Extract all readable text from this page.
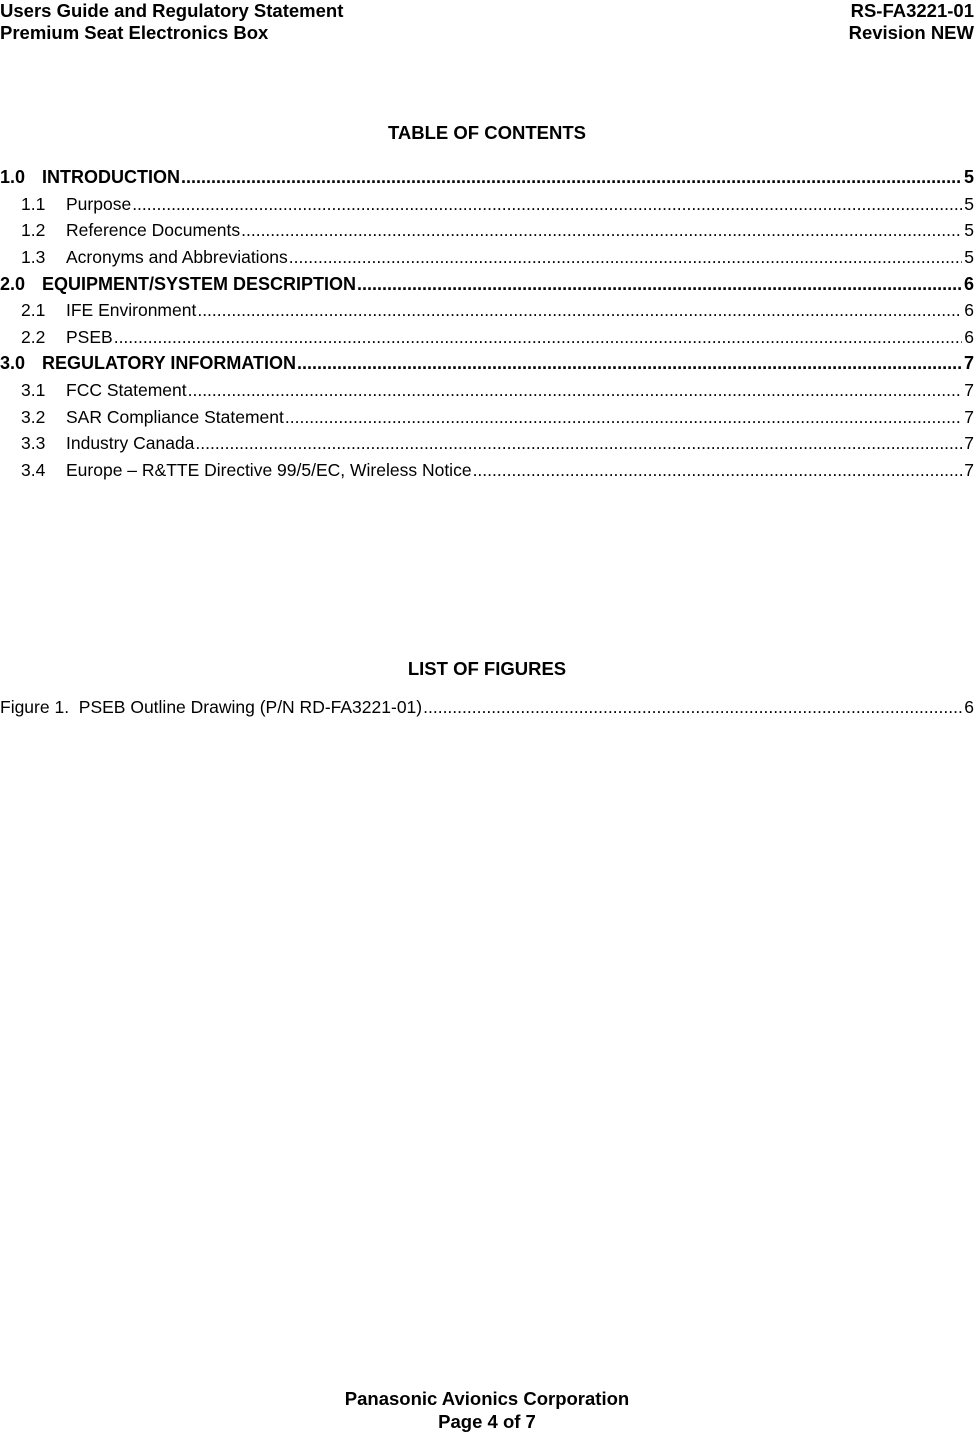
Users Guide and Regulatory Statement	RS-FA3221-01
Premium Seat Electronics Box	Revision NEW
TABLE OF CONTENTS
1.0 INTRODUCTION .....	5
1.1	Purpose .....	5
1.2	Reference Documents .....	5
1.3	Acronyms and Abbreviations .....	5
2.0 EQUIPMENT/SYSTEM DESCRIPTION .....	6
2.1	IFE Environment .....	6
2.2	PSEB .....	6
3.0 REGULATORY INFORMATION .....	7
3.1	FCC Statement .....	7
3.2	SAR Compliance Statement .....	7
3.3	Industry Canada .....	7
3.4	Europe – R&TTE Directive 99/5/EC, Wireless Notice .....	7
LIST OF FIGURES
Figure 1.  PSEB Outline Drawing (P/N RD-FA3221-01) .....	6
Panasonic Avionics Corporation
Page 4 of 7
